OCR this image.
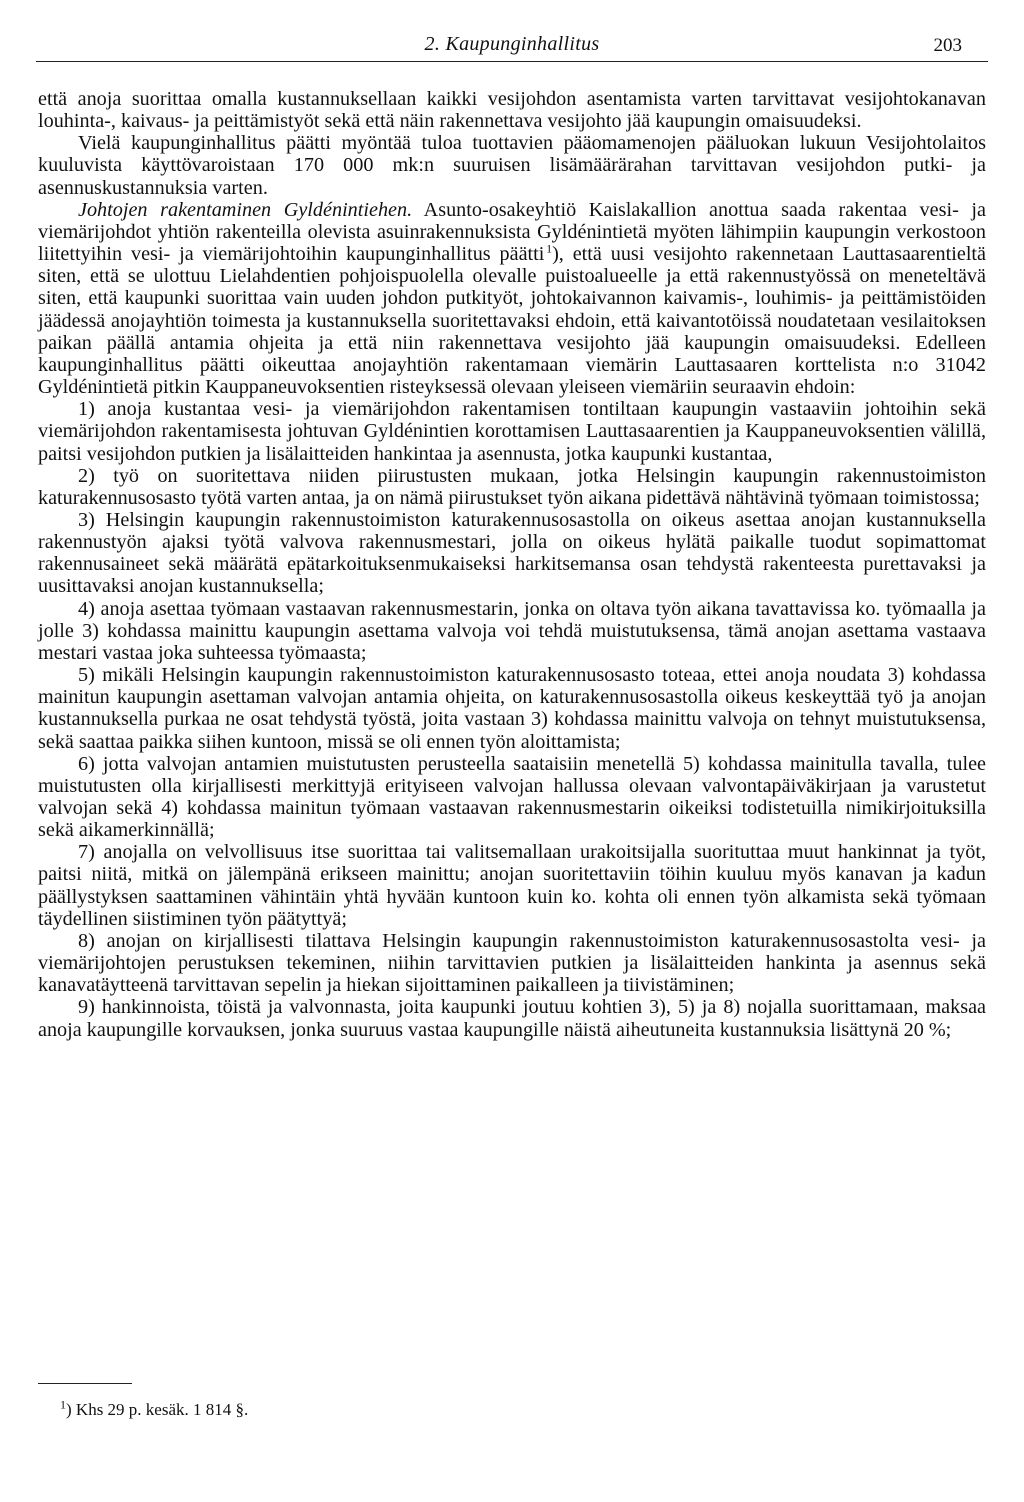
2. Kaupunginhallitus	203

että anoja suorittaa omalla kustannuksellaan kaikki vesijohdon asentamista varten tarvittavat vesijohtokanavan louhinta-, kaivaus- ja peittämistyöt sekä että näin rakennettava vesijohto jää kaupungin omaisuudeksi.

Vielä kaupunginhallitus päätti myöntää tuloa tuottavien pääomamenojen pääluokan lukuun Vesijohtolaitos kuuluvista käyttövaroistaan 170 000 mk:n suuruisen lisämäärärahan tarvittavan vesijohdon putki- ja asennuskustannuksia varten.

Johtojen rakentaminen Gyldénintiehen. Asunto-osakeyhtiö Kaislakallion anottua saada rakentaa vesi- ja viemärijohdot yhtiön rakenteilla olevista asuinrakennuksista Gyldénintietä myöten lähimpiin kaupungin verkostoon liitettyihin vesi- ja viemärijohtoihin kaupunginhallitus päätti  $^1$), että uusi vesijohto rakennetaan Lauttasaarentieltä siten, että se ulottuu Lielahdentien pohjoispuolella olevalle puistoalueelle ja että rakennustyössä on meneteltävä siten, että kaupunki suorittaa vain uuden johdon putkityöt, johtokaivannon kaivamis-, louhimis- ja peittämistöiden jäädessä anojayhtiön toimesta ja kustannuksella suoritettavaksi ehdoin, että kaivantotöissä noudatetaan vesilaitoksen paikan päällä antamia ohjeita ja että niin rakennettava vesijohto jää kaupungin omaisuudeksi. Edelleen kaupunginhallitus päätti oikeuttaa anojayhtiön rakentamaan viemärin Lauttasaaren korttelista n:o 31042 Gyldénintietä pitkin Kauppaneuvoksentien risteyksessä olevaan yleiseen viemäriin seuraavin ehdoin:

1) anoja kustantaa vesi- ja viemärijohdon rakentamisen tontiltaan kaupungin vastaaviin johtoihin sekä viemärijohdon rakentamisesta johtuvan Gyldénintien korottamisen Lauttasaarentien ja Kauppaneuvoksentien välillä, paitsi vesijohdon putkien ja lisälaitteiden hankintaa ja asennusta, jotka kaupunki kustantaa,

2) työ on suoritettava niiden piirustusten mukaan, jotka Helsingin kaupungin rakennustoimiston katurakennusosasto työtä varten antaa, ja on nämä piirustukset työn aikana pidettävä nähtävinä työmaan toimistossa;

3) Helsingin kaupungin rakennustoimiston katurakennusosastolla on oikeus asettaa anojan kustannuksella rakennustyön ajaksi työtä valvova rakennusmestari, jolla on oikeus hylätä paikalle tuodut sopimattomat rakennusaineet sekä määrätä epätarkoituksenmukaiseksi harkitsemansa osan tehdystä rakenteesta purettavaksi ja uusittavaksi anojan kustannuksella;

4) anoja asettaa työmaan vastaavan rakennusmestarin, jonka on oltava työn aikana tavattavissa ko. työmaalla ja jolle 3) kohdassa mainittu kaupungin asettama valvoja voi tehdä muistutuksensa, tämä anojan asettama vastaava mestari vastaa joka suhteessa työmaasta;

5) mikäli Helsingin kaupungin rakennustoimiston katurakennusosasto toteaa, ettei anoja noudata 3) kohdassa mainitun kaupungin asettaman valvojan antamia ohjeita, on katurakennusosastolla oikeus keskeyttää työ ja anojan kustannuksella purkaa ne osat tehdystä työstä, joita vastaan 3) kohdassa mainittu valvoja on tehnyt muistutuksensa, sekä saattaa paikka siihen kuntoon, missä se oli ennen työn aloittamista;

6) jotta valvojan antamien muistutusten perusteella saataisiin menetellä 5) kohdassa mainitulla tavalla, tulee muistutusten olla kirjallisesti merkittyjä erityiseen valvojan hallussa olevaan valvontapäiväkirjaan ja varustetut valvojan sekä 4) kohdassa mainitun työmaan vastaavan rakennusmestarin oikeiksi todistetuilla nimikirjoituksilla sekä aikamerkinnällä;

7) anojalla on velvollisuus itse suorittaa tai valitsemallaan urakoitsijalla suorituttaa muut hankinnat ja työt, paitsi niitä, mitkä on jälempänä erikseen mainittu; anojan suoritettaviin töihin kuuluu myös kanavan ja kadun päällystyksen saattaminen vähintäin yhtä hyvään kuntoon kuin ko. kohta oli ennen työn alkamista sekä työmaan täydellinen siistiminen työn päätyttyä;

8) anojan on kirjallisesti tilattava Helsingin kaupungin rakennustoimiston katurakennusosastolta vesi- ja viemärijohtojen perustuksen tekeminen, niihin tarvittavien putkien ja lisälaitteiden hankinta ja asennus sekä kanavatäytteenä tarvittavan sepelin ja hiekan sijoittaminen paikalleen ja tiivistäminen;

9) hankinnoista, töistä ja valvonnasta, joita kaupunki joutuu kohtien 3), 5) ja 8) nojalla suorittamaan, maksaa anoja kaupungille korvauksen, jonka suuruus vastaa kaupungille näistä aiheutuneita kustannuksia lisättynä 20 %;

$^1$) Khs 29 p. kesäk. 1 814 §.
